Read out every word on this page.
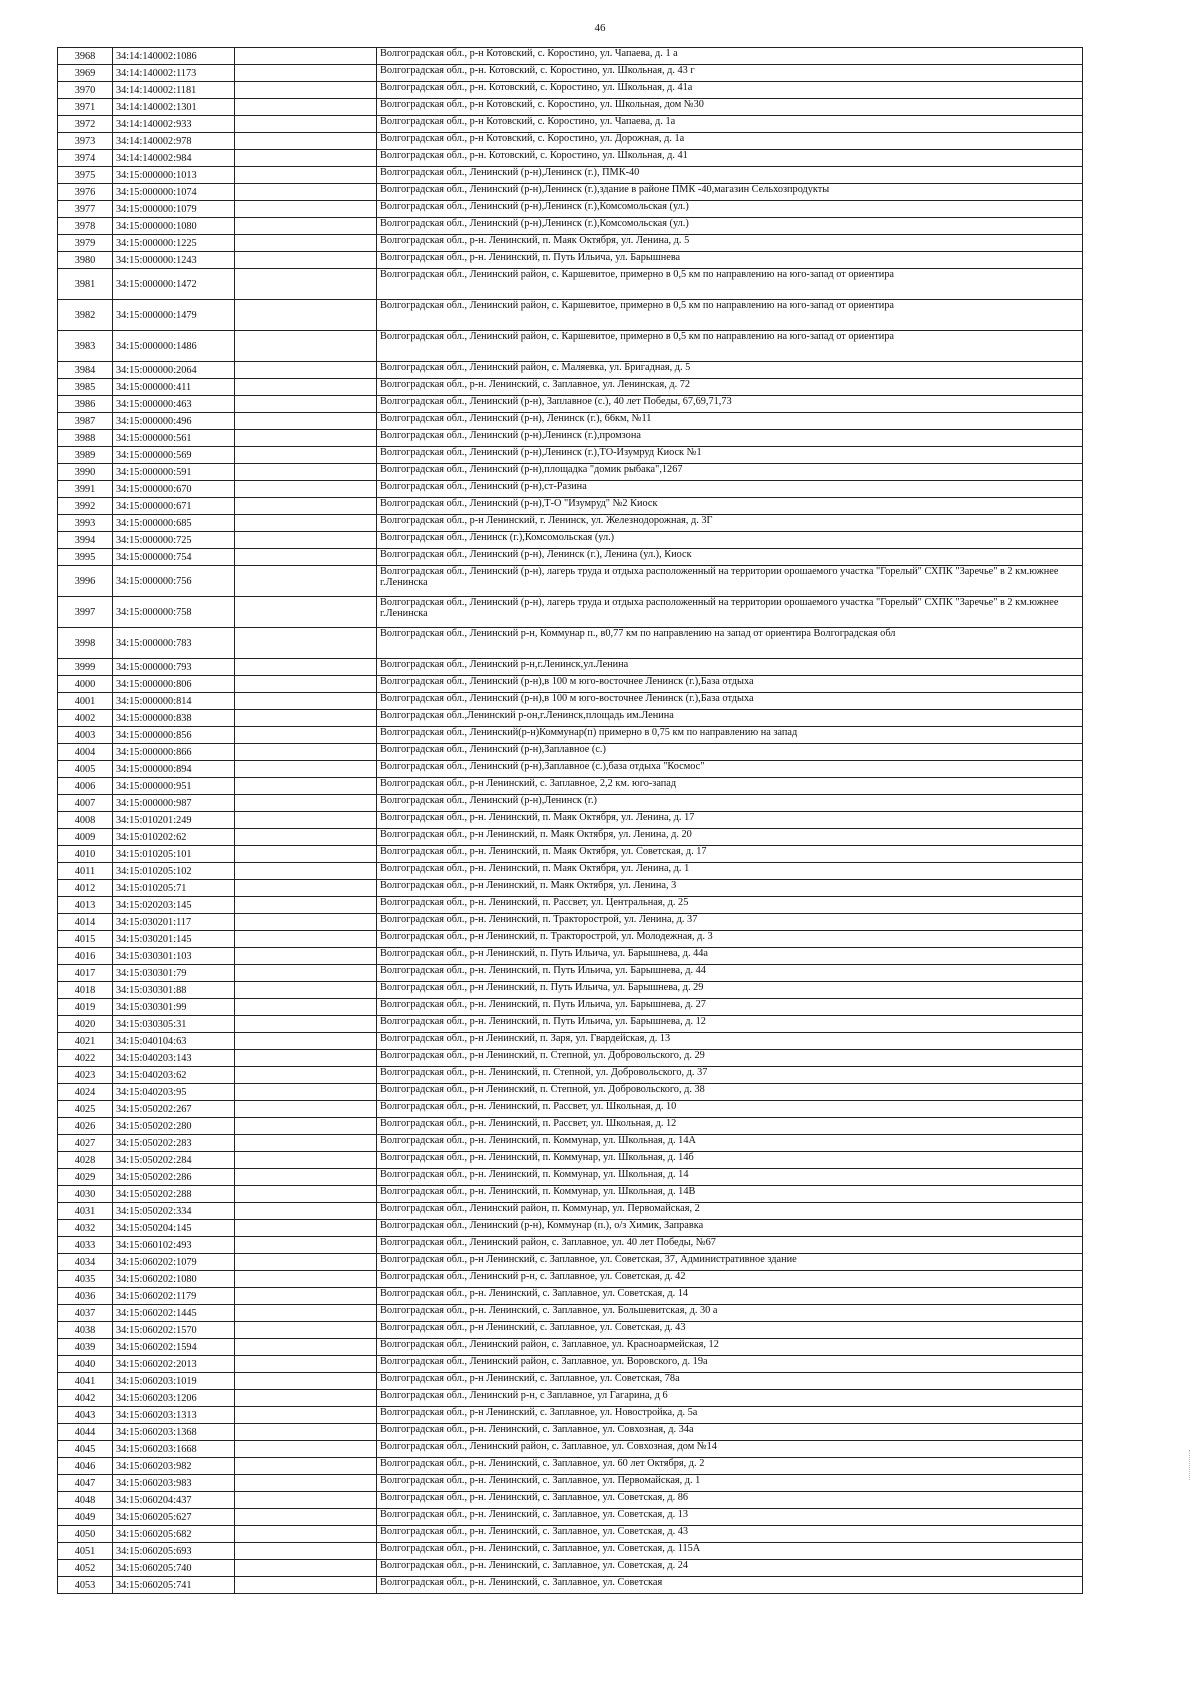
46
3968	34:14:140002:1086		Волгоградская обл., р-н Котовский, с. Коростино, ул. Чапаева, д. 1 а
3969	34:14:140002:1173		Волгоградская обл., р-н. Котовский, с. Коростино, ул. Школьная, д. 43 г
3970	34:14:140002:1181		Волгоградская обл., р-н. Котовский, с. Коростино, ул. Школьная, д. 41а
3971	34:14:140002:1301		Волгоградская обл., р-н Котовский, с. Коростино, ул. Школьная, дом №30
3972	34:14:140002:933		Волгоградская обл., р-н Котовский, с. Коростино, ул. Чапаева, д. 1а
3973	34:14:140002:978		Волгоградская обл., р-н Котовский, с. Коростино, ул. Дорожная, д. 1а
3974	34:14:140002:984		Волгоградская обл., р-н. Котовский, с. Коростино, ул. Школьная, д. 41
3975	34:15:000000:1013		Волгоградская обл., Ленинский (р-н),Ленинск (г.), ПМК-40
3976	34:15:000000:1074		Волгоградская обл., Ленинский (р-н),Ленинск (г.),здание в районе ПМК -40,магазин Сельхозпродукты
3977	34:15:000000:1079		Волгоградская обл., Ленинский (р-н),Ленинск (г.),Комсомольская (ул.)
3978	34:15:000000:1080		Волгоградская обл., Ленинский (р-н),Ленинск (г.),Комсомольская (ул.)
3979	34:15:000000:1225		Волгоградская обл., р-н. Ленинский, п. Маяк Октября, ул. Ленина, д. 5
3980	34:15:000000:1243		Волгоградская обл., р-н. Ленинский, п. Путь Ильича, ул. Барышнева
3981	34:15:000000:1472		Волгоградская обл., Ленинский район, с. Каршевитое, примерно в 0,5 км по направлению на юго-запад от ориентира
3982	34:15:000000:1479		Волгоградская обл., Ленинский район, с. Каршевитое, примерно в 0,5 км по направлению на юго-запад от ориентира
3983	34:15:000000:1486		Волгоградская обл., Ленинский район, с. Каршевитое, примерно в 0,5 км по направлению на юго-запад от ориентира
3984	34:15:000000:2064		Волгоградская обл., Ленинский район, с. Маляевка, ул. Бригадная, д. 5
3985	34:15:000000:411		Волгоградская обл., р-н. Ленинский, с. Заплавное, ул. Ленинская, д. 72
3986	34:15:000000:463		Волгоградская обл., Ленинский (р-н), Заплавное (с.), 40 лет Победы, 67,69,71,73
3987	34:15:000000:496		Волгоградская обл., Ленинский (р-н), Ленинск (г.), 66км, №11
3988	34:15:000000:561		Волгоградская обл., Ленинский (р-н),Ленинск (г.),промзона
3989	34:15:000000:569		Волгоградская обл., Ленинский (р-н),Ленинск (г.),ТО-Изумруд Киоск №1
3990	34:15:000000:591		Волгоградская обл., Ленинский (р-н),площадка "домик рыбака",1267
3991	34:15:000000:670		Волгоградская обл., Ленинский (р-н),ст-Разина
3992	34:15:000000:671		Волгоградская обл., Ленинский (р-н),Т-О "Изумруд" №2 Киоск
3993	34:15:000000:685		Волгоградская обл., р-н Ленинский, г. Ленинск, ул. Железнодорожная, д. 3Г
3994	34:15:000000:725		Волгоградская обл., Ленинск (г.),Комсомольская (ул.)
3995	34:15:000000:754		Волгоградская обл., Ленинский (р-н), Ленинск (г.), Ленина (ул.), Киоск
3996	34:15:000000:756		Волгоградская обл., Ленинский (р-н), лагерь труда и отдыха расположенный на территории орошаемого участка "Горелый" СХПК "Заречье" в 2 км.южнее г.Ленинска
3997	34:15:000000:758		Волгоградская обл., Ленинский (р-н), лагерь труда и отдыха расположенный на территории орошаемого участка "Горелый" СХПК "Заречье" в 2 км.южнее г.Ленинска
3998	34:15:000000:783		Волгоградская обл., Ленинский р-н, Коммунар п., в0,77 км по направлению на запад от ориентира Волгоградская обл
3999	34:15:000000:793		Волгоградская обл., Ленинский р-н,г.Ленинск,ул.Ленина
4000	34:15:000000:806		Волгоградская обл., Ленинский (р-н),в 100 м юго-восточнее Ленинск (г.),База отдыха
4001	34:15:000000:814		Волгоградская обл., Ленинский (р-н),в 100 м юго-восточнее Ленинск (г.),База отдыха
4002	34:15:000000:838		Волгоградская обл.,Ленинский р-он,г.Ленинск,площадь им.Ленина
4003	34:15:000000:856		Волгоградская обл., Ленинский(р-н)Коммунар(п) примерно в 0,75 км по направлению на запад
4004	34:15:000000:866		Волгоградская обл., Ленинский (р-н),Заплавное (с.)
4005	34:15:000000:894		Волгоградская обл., Ленинский (р-н),Заплавное (с.),база отдыха "Космос"
4006	34:15:000000:951		Волгоградская обл., р-н Ленинский, с. Заплавное, 2,2 км. юго-запад
4007	34:15:000000:987		Волгоградская обл., Ленинский (р-н),Ленинск (г.)
4008	34:15:010201:249		Волгоградская обл., р-н. Ленинский, п. Маяк Октября, ул. Ленина, д. 17
4009	34:15:010202:62		Волгоградская обл., р-н Ленинский, п. Маяк Октября, ул. Ленина, д. 20
4010	34:15:010205:101		Волгоградская обл., р-н. Ленинский, п. Маяк Октября, ул. Советская, д. 17
4011	34:15:010205:102		Волгоградская обл., р-н. Ленинский, п. Маяк Октября, ул. Ленина, д. 1
4012	34:15:010205:71		Волгоградская обл., р-н Ленинский, п. Маяк Октября, ул. Ленина, 3
4013	34:15:020203:145		Волгоградская обл., р-н. Ленинский, п. Рассвет, ул. Центральная, д. 25
4014	34:15:030201:117		Волгоградская обл., р-н. Ленинский, п. Тракторострой, ул. Ленина, д. 37
4015	34:15:030201:145		Волгоградская обл., р-н Ленинский, п. Тракторострой, ул. Молодежная, д. 3
4016	34:15:030301:103		Волгоградская обл., р-н Ленинский, п. Путь Ильича, ул. Барышнева, д. 44а
4017	34:15:030301:79		Волгоградская обл., р-н. Ленинский, п. Путь Ильича, ул. Барышнева, д. 44
4018	34:15:030301:88		Волгоградская обл., р-н Ленинский, п. Путь Ильича, ул. Барышнева, д. 29
4019	34:15:030301:99		Волгоградская обл., р-н. Ленинский, п. Путь Ильича, ул. Барышнева, д. 27
4020	34:15:030305:31		Волгоградская обл., р-н. Ленинский, п. Путь Ильича, ул. Барышнева, д. 12
4021	34:15:040104:63		Волгоградская обл., р-н Ленинский, п. Заря, ул. Гвардейская, д. 13
4022	34:15:040203:143		Волгоградская обл., р-н Ленинский, п. Степной, ул. Добровольского, д. 29
4023	34:15:040203:62		Волгоградская обл., р-н. Ленинский, п. Степной, ул. Добровольского, д. 37
4024	34:15:040203:95		Волгоградская обл., р-н Ленинский, п. Степной, ул. Добровольского, д. 38
4025	34:15:050202:267		Волгоградская обл., р-н. Ленинский, п. Рассвет, ул. Школьная, д. 10
4026	34:15:050202:280		Волгоградская обл., р-н. Ленинский, п. Рассвет, ул. Школьная, д. 12
4027	34:15:050202:283		Волгоградская обл., р-н. Ленинский, п. Коммунар, ул. Школьная, д. 14А
4028	34:15:050202:284		Волгоградская обл., р-н. Ленинский, п. Коммунар, ул. Школьная, д. 14б
4029	34:15:050202:286		Волгоградская обл., р-н. Ленинский, п. Коммунар, ул. Школьная, д. 14
4030	34:15:050202:288		Волгоградская обл., р-н. Ленинский, п. Коммунар, ул. Школьная, д. 14В
4031	34:15:050202:334		Волгоградская обл., Ленинский район, п. Коммунар, ул. Первомайская, 2
4032	34:15:050204:145		Волгоградская обл., Ленинский (р-н), Коммунар (п.), о/з Химик, Заправка
4033	34:15:060102:493		Волгоградская обл., Ленинский район, с. Заплавное, ул. 40 лет Победы, №67
4034	34:15:060202:1079		Волгоградская обл., р-н Ленинский, с. Заплавное, ул. Советская, 37, Административное здание
4035	34:15:060202:1080		Волгоградская обл., Ленинский р-н, с. Заплавное, ул. Советская, д. 42
4036	34:15:060202:1179		Волгоградская обл., р-н. Ленинский, с. Заплавное, ул. Советская, д. 14
4037	34:15:060202:1445		Волгоградская обл., р-н. Ленинский, с. Заплавное, ул. Большевитская, д. 30 а
4038	34:15:060202:1570		Волгоградская обл., р-н Ленинский, с. Заплавное, ул. Советская, д. 43
4039	34:15:060202:1594		Волгоградская обл., Ленинский район, с. Заплавное, ул. Красноармейская, 12
4040	34:15:060202:2013		Волгоградская обл., Ленинский район, с. Заплавное, ул. Воровского, д. 19а
4041	34:15:060203:1019		Волгоградская обл., р-н Ленинский, с. Заплавное, ул. Советская, 78а
4042	34:15:060203:1206		Волгоградская обл., Ленинский р-н, с Заплавное, ул Гагарина, д 6
4043	34:15:060203:1313		Волгоградская обл., р-н Ленинский, с. Заплавное, ул. Новостройка, д. 5а
4044	34:15:060203:1368		Волгоградская обл., р-н. Ленинский, с. Заплавное, ул. Совхозная, д. 34а
4045	34:15:060203:1668		Волгоградская обл., Ленинский район, с. Заплавное, ул. Совхозная, дом №14
4046	34:15:060203:982		Волгоградская обл., р-н. Ленинский, с. Заплавное, ул. 60 лет Октября, д. 2
4047	34:15:060203:983		Волгоградская обл., р-н. Ленинский, с. Заплавное, ул. Первомайская, д. 1
4048	34:15:060204:437		Волгоградская обл., р-н. Ленинский, с. Заплавное, ул. Советская, д. 86
4049	34:15:060205:627		Волгоградская обл., р-н. Ленинский, с. Заплавное, ул. Советская, д. 13
4050	34:15:060205:682		Волгоградская обл., р-н. Ленинский, с. Заплавное, ул. Советская, д. 43
4051	34:15:060205:693		Волгоградская обл., р-н. Ленинский, с. Заплавное, ул. Советская, д. 115А
4052	34:15:060205:740		Волгоградская обл., р-н. Ленинский, с. Заплавное, ул. Советская, д. 24
4053	34:15:060205:741		Волгоградская обл., р-н. Ленинский, с. Заплавное, ул. Советская
